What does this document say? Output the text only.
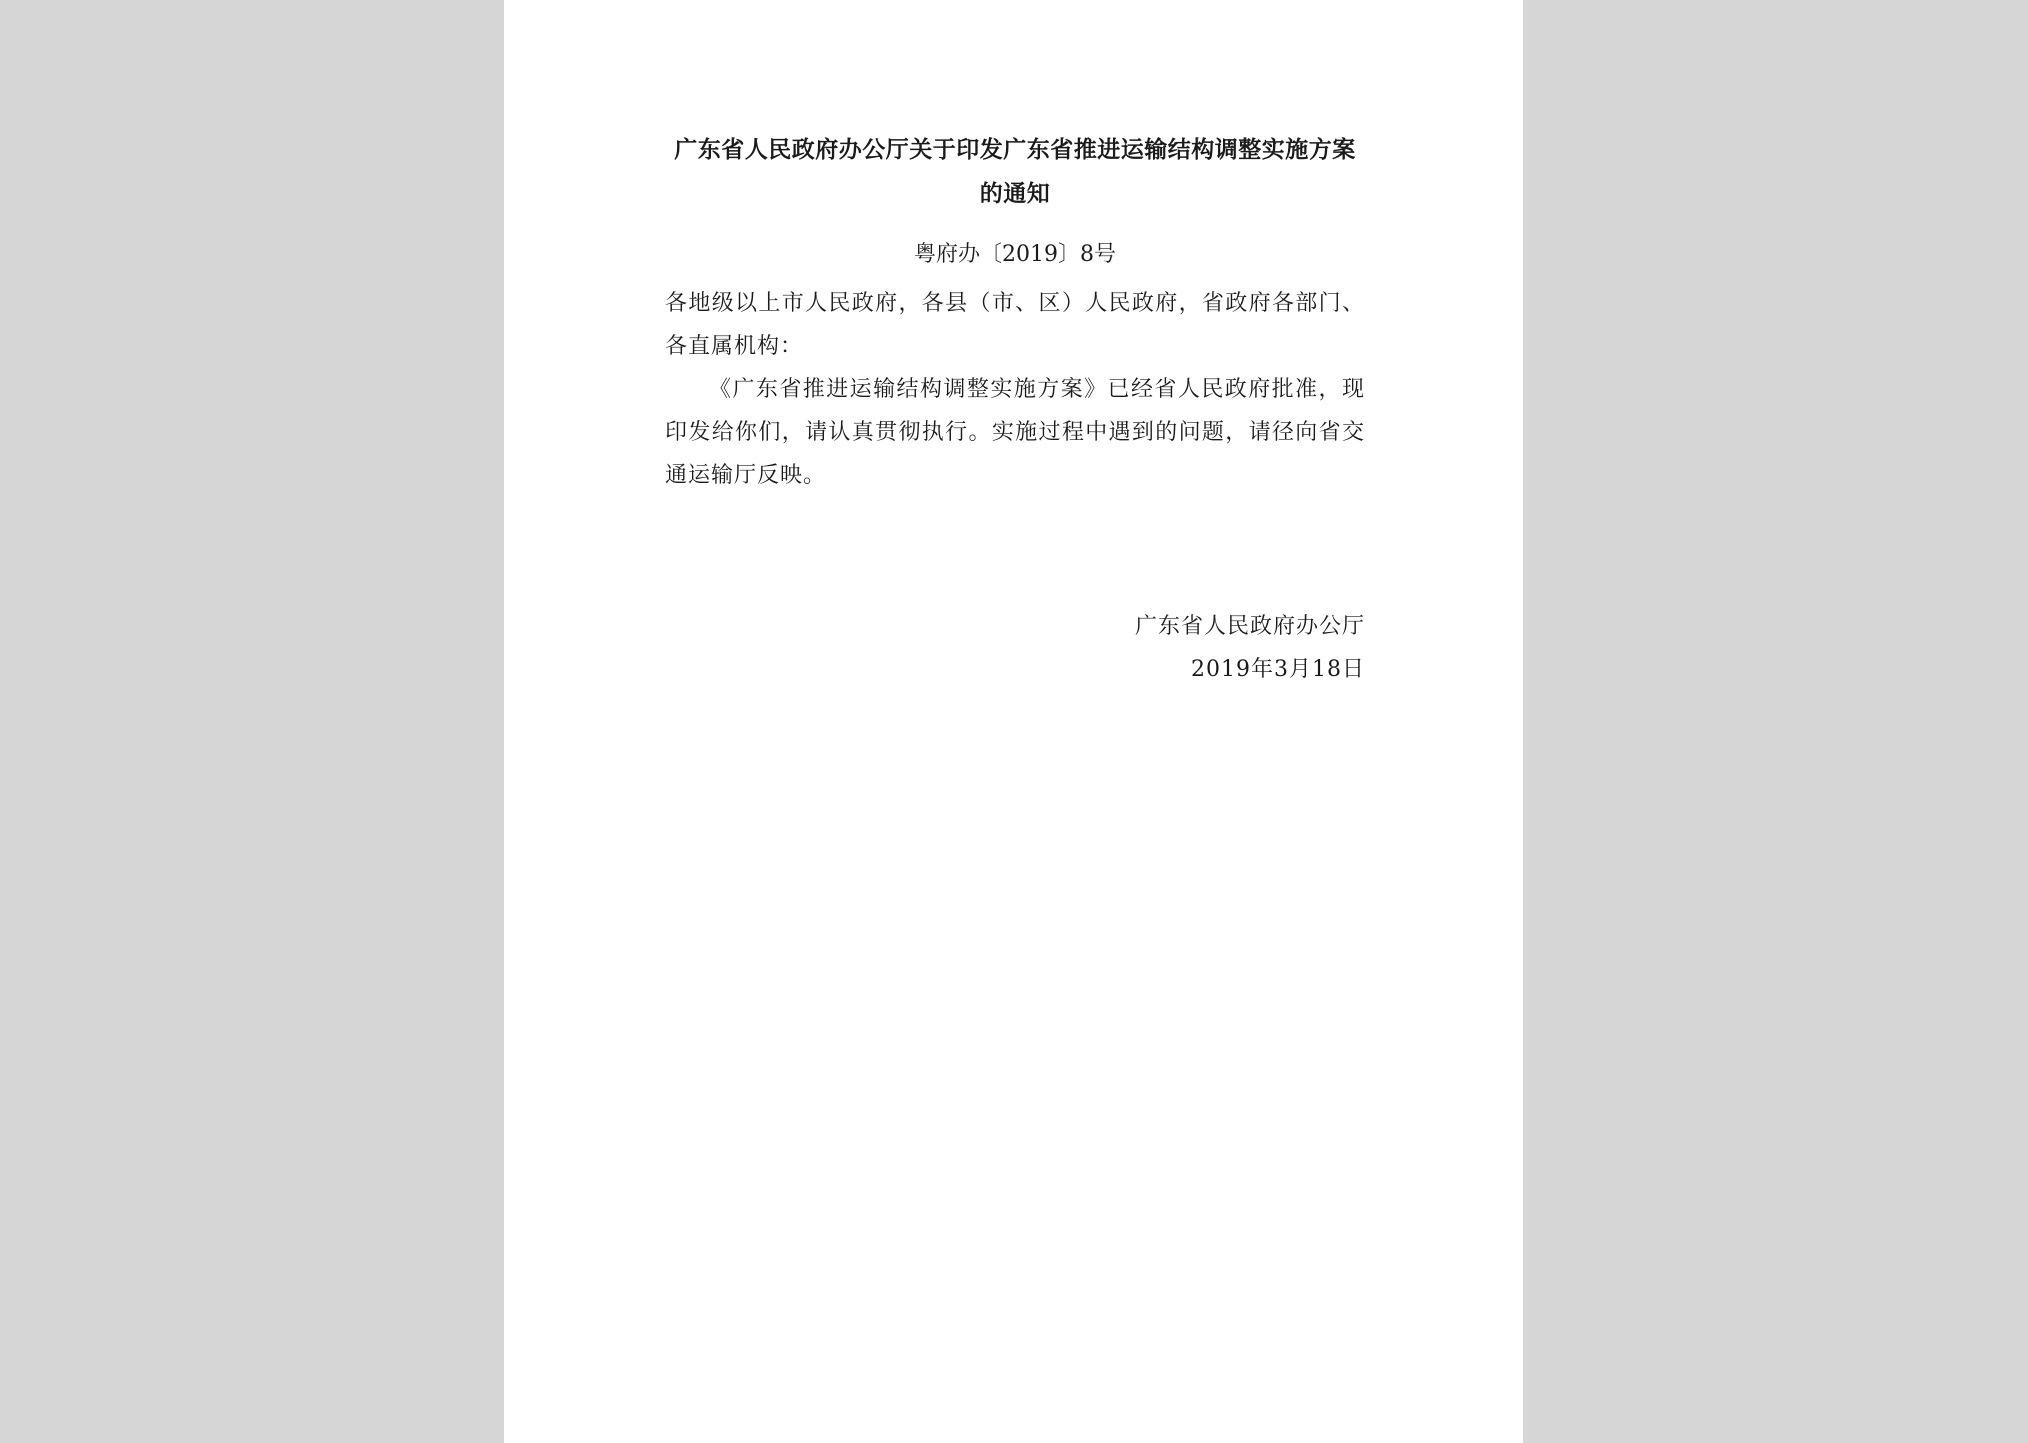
广东省人民政府办公厅关于印发广东省推进运输结构调整实施方案的通知
粤府办〔2019〕8号

各地级以上市人民政府，各县（市、区）人民政府，省政府各部门、各直属机构：

《广东省推进运输结构调整实施方案》已经省人民政府批准，现印发给你们，请认真贯彻执行。实施过程中遇到的问题，请径向省交通运输厅反映。

广东省人民政府办公厅
2019年3月18日
